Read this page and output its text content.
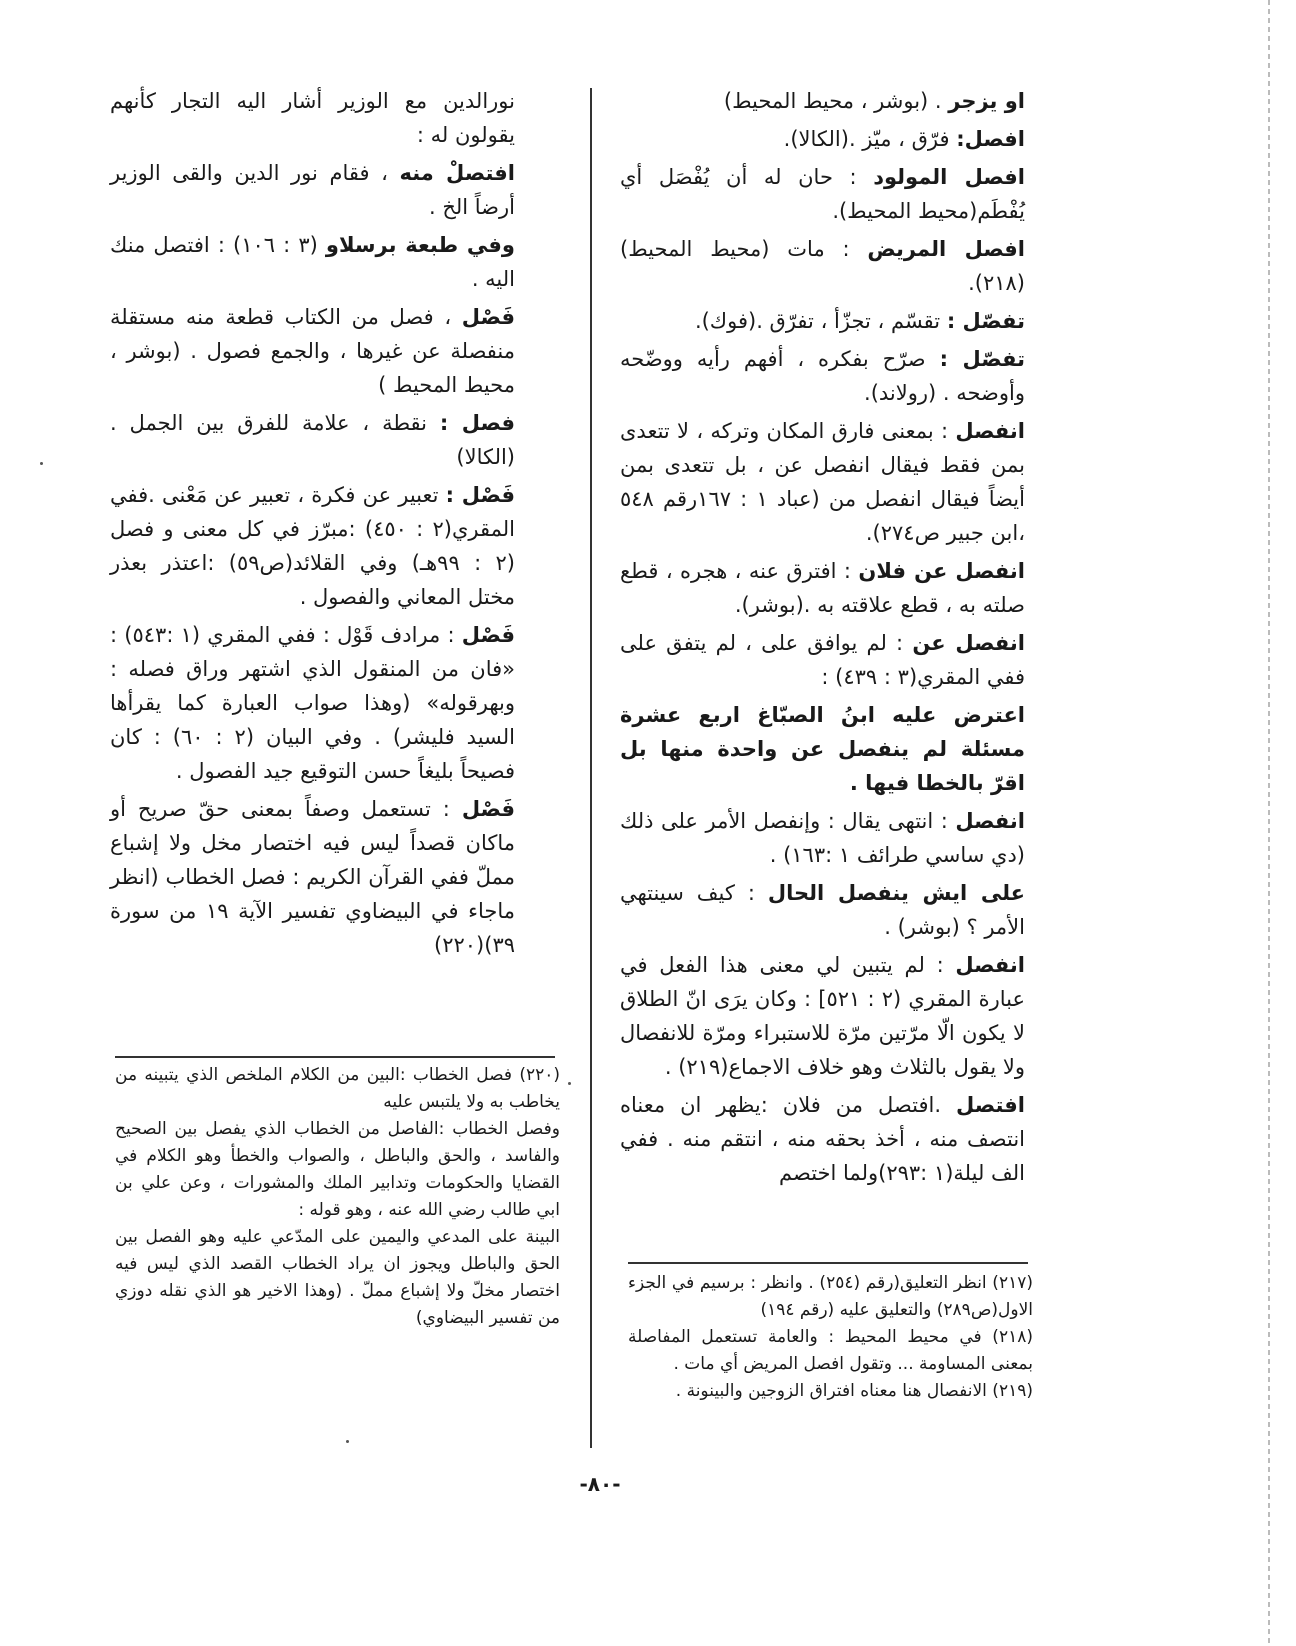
او يزجر . (بوشر ، محيط المحيط)

افصل: فرّق ، ميّز .(الكالا).

افصل المولود : حان له أن يُفْصَل أي يُفْطَم(محيط المحيط).

افصل المريض : مات (محيط المحيط)(٢١٨).

تفصّل : تقسّم ، تجزّأ ، تفرّق .(فوك).

تفصّل : صرّح بفكره ، أفهم رأيه ووضّحه وأوضحه . (رولاند).

انفصل : بمعنى فارق المكان وتركه ، لا تتعدى بمن فقط فيقال انفصل عن ، بل تتعدى بمن أيضاً فيقال انفصل من (عباد ١ : ١٦٧رقم ٥٤٨ ،ابن جبير ص٢٧٤).

انفصل عن فلان : افترق عنه ، هجره ، قطع صلته به ، قطع علاقته به .(بوشر).

انفصل عن : لم يوافق على ، لم يتفق على ففي المقري(٣ : ٤٣٩) :

اعترض عليه ابنُ الصبّاغ اربع عشرة مسئلة لم ينفصل عن واحدة منها بل اقرّ بالخطا فيها .

انفصل : انتهى يقال : وإنفصل الأمر على ذلك (دي ساسي طرائف ١ :١٦٣) .

على ايش ينفصل الحال : كيف سينتهي الأمر ؟ (بوشر) .

انفصل : لم يتبين لي معنى هذا الفعل في عبارة المقري (٢ : ٥٢١] : وكان يرَى انّ الطلاق لا يكون الّا مرّتين مرّة للاستبراء ومرّة للانفصال ولا يقول بالثلاث وهو خلاف الاجماع(٢١٩) .

افتصل .افتصل من فلان :يظهر ان معناه انتصف منه ، أخذ بحقه منه ، انتقم منه . ففي الف ليلة(١ :٢٩٣)ولما اختصم

نورالدين مع الوزير أشار اليه التجار كأنهم يقولون له :

افتصلْ منه ، فقام نور الدين والقى الوزير أرضاً الخ .

وفي طبعة برسلاو (٣ : ١٠٦) : افتصل منك اليه .

فَصْل ، فصل من الكتاب قطعة منه مستقلة منفصلة عن غيرها ، والجمع فصول . (بوشر ، محيط المحيط )

فصل : نقطة ، علامة للفرق بين الجمل . (الكالا)

فَصْل : تعبير عن فكرة ، تعبير عن مَعْنى .ففي المقري(٢ : ٤٥٠) :مبرّز في كل معنى و فصل (٢ : ٩٩هـ) وفي القلائد(ص٥٩) :اعتذر بعذر مختل المعاني والفصول .

فَصْل : مرادف قَوْل : ففي المقري (١ :٥٤٣) : «فان من المنقول الذي اشتهر وراق فصله : وبهرقوله» (وهذا صواب العبارة كما يقرأها السيد فليشر) . وفي البيان (٢ : ٦٠) : كان فصيحاً بليغاً حسن التوقيع جيد الفصول .

فَصْل : تستعمل وصفاً بمعنى حقّ صريح أو ماكان قصداً ليس فيه اختصار مخل ولا إشباع مملّ ففي القرآن الكريم : فصل الخطاب (انظر ماجاء في البيضاوي تفسير الآية ١٩ من سورة ٣٩)(٢٢٠)

(٢٢٠) فصل الخطاب :البين من الكلام الملخص الذي يتبينه من يخاطب به ولا يلتبس عليه

وفصل الخطاب :الفاصل من الخطاب الذي يفصل بين الصحيح والفاسد ، والحق والباطل ، والصواب والخطأ وهو الكلام في القضايا والحكومات وتدابير الملك والمشورات ، وعن علي بن ابي طالب رضي الله عنه ، وهو قوله :

البينة على المدعي واليمين على المدّعي عليه وهو الفصل بين الحق والباطل ويجوز ان يراد الخطاب القصد الذي ليس فيه اختصار مخلّ ولا إشباع مملّ . (وهذا الاخير هو الذي نقله دوزي من تفسير البيضاوي)

(٢١٧) انظر التعليق(رقم (٢٥٤) . وانظر : برسيم في الجزء الاول(ص٢٨٩) والتعليق عليه (رقم ١٩٤)

(٢١٨) في محيط المحيط : والعامة تستعمل المفاصلة بمعنى المساومة ... وتقول افصل المريض أي مات .

(٢١٩) الانفصال هنا معناه افتراق الزوجين والبينونة .

-٨٠-
